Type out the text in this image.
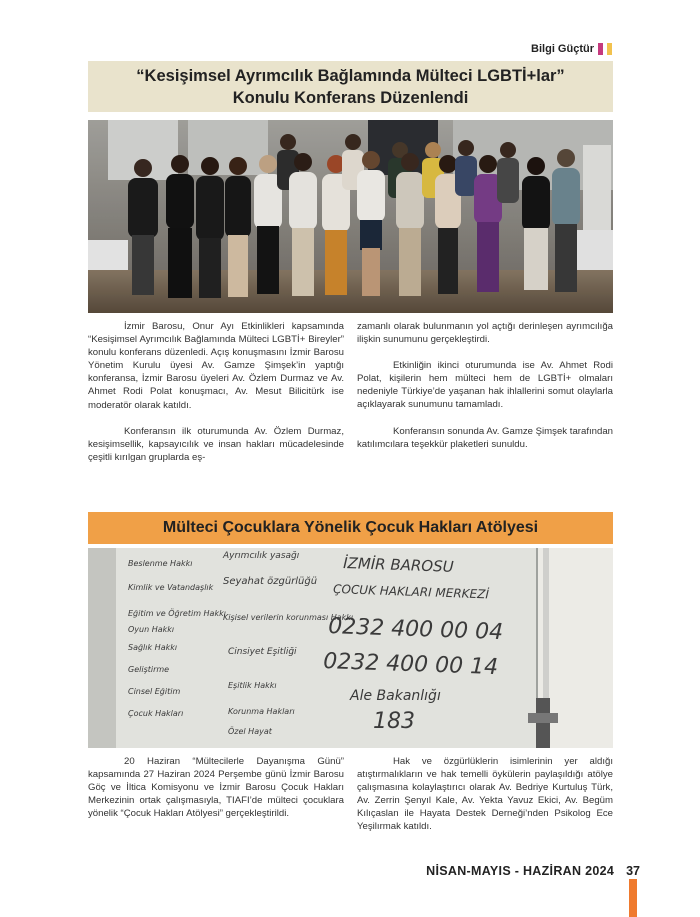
Bilgi Güçtür
“Kesişimsel Ayrımcılık Bağlamında Mülteci LGBTİ+lar”
Konulu Konferans Düzenlendi

İzmir Barosu, Onur Ayı Etkinlikleri kapsamında “Kesişimsel Ayrımcılık Bağlamında Mülteci LGBTİ+ Bireyler” konulu konferans düzenledi. Açış konuşmasını İzmir Barosu Yönetim Kurulu üyesi Av. Gamze Şimşek’in yaptığı konferansa, İzmir Barosu üyeleri Av. Özlem Durmaz ve Av. Ahmet Rodi Polat konuşmacı, Av. Mesut Bilicitürk ise moderatör olarak katıldı.

Konferansın ilk oturumunda Av. Özlem Durmaz, kesişimsellik, kapsayıcılık ve insan hakları mücadelesinde çeşitli kırılgan gruplarda eş-

zamanlı olarak bulunmanın yol açtığı derinleşen ayrımcılığa ilişkin sunumunu gerçekleştirdi.

Etkinliğin ikinci oturumunda ise Av. Ahmet Rodi Polat, kişilerin hem mülteci hem de LGBTİ+ olmaları nedeniyle Türkiye’de yaşanan hak ihlallerini somut olaylarla açıklayarak sunumunu tamamladı.

Konferansın sonunda Av. Gamze Şimşek tarafından katılımcılara teşekkür plaketleri sunuldu.

Mülteci Çocuklara Yönelik Çocuk Hakları Atölyesi
İZMİR BAROSU
ÇOCUK HAKLARI MERKEZİ
0232 400 00 04
0232 400 00 14
Ale Bakanlığı
183
Beslenme Hakkı
Kimlik ve Vatandaşlık
Eğitim ve Öğretim Hakkı
Oyun Hakkı
Sağlık Hakkı
Geliştirme
Cinsel Eğitim
Çocuk Hakları
Ayrımcılık yasağı
Seyahat özgürlüğü
Kişisel verilerin korunması Hakkı
Cinsiyet Eşitliği
Eşitlik Hakkı
Korunma Hakları
Özel Hayat

20 Haziran “Mültecilerle Dayanışma Günü” kapsamında 27 Haziran 2024 Perşembe günü İzmir Barosu Göç ve İltica Komisyonu ve İzmir Barosu Çocuk Hakları Merkezinin ortak çalışmasıyla, TIAFI’de mülteci çocuklara yönelik “Çocuk Hakları Atölyesi” gerçekleştirildi.

Hak ve özgürlüklerin isimlerinin yer aldığı atıştırmalıkların ve hak temelli öykülerin paylaşıldığı atölye çalışmasına kolaylaştırıcı olarak Av. Bedriye Kurtuluş Türk, Av. Zerrin Şenyıl Kale, Av. Yekta Yavuz Ekici, Av. Begüm Kılıçaslan ile Hayata Destek Derneği’nden Psikolog Ece Yeşilırmak katıldı.

NİSAN-MAYIS - HAZİRAN 2024 37
